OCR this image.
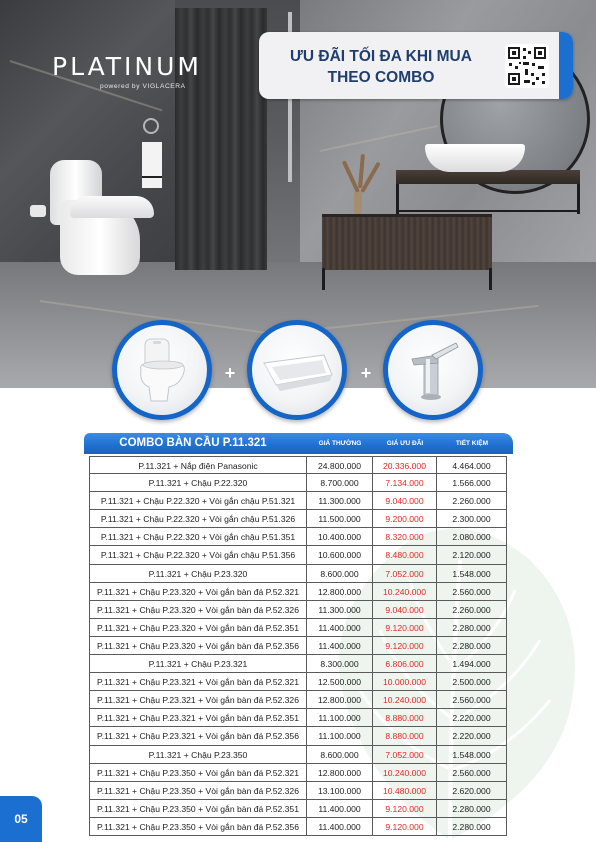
PLATINUM
powered by VIGLACERA
ƯU ĐÃI TỐI ĐA KHI MUA
THEO COMBO
+	+
COMBO BÀN CẦU P.11.321	GIÁ THƯỜNG	GIÁ ƯU ĐÃI	TIẾT KIỆM
P.11.321 + Nắp điện Panasonic	24.800.000	20.336.000	4.464.000
P.11.321 + Chậu P.22.320	8.700.000	7.134.000	1.566.000
P.11.321 + Chậu P.22.320 + Vòi gắn chậu P.51.321	11.300.000	9.040.000	2.260.000
P.11.321 + Chậu P.22.320 + Vòi gắn chậu P.51.326	11.500.000	9.200.000	2.300.000
P.11.321 + Chậu P.22.320 + Vòi gắn chậu P.51.351	10.400.000	8.320.000	2.080.000
P.11.321 + Chậu P.22.320 + Vòi gắn chậu P.51.356	10.600.000	8.480.000	2.120.000
P.11.321 + Chậu P.23.320	8.600.000	7.052.000	1.548.000
P.11.321 + Chậu P.23.320 + Vòi gắn bàn đá P.52.321	12.800.000	10.240.000	2.560.000
P.11.321 + Chậu P.23.320 + Vòi gắn bàn đá P.52.326	11.300.000	9.040.000	2.260.000
P.11.321 + Chậu P.23.320 + Vòi gắn bàn đá P.52.351	11.400.000	9.120.000	2.280.000
P.11.321 + Chậu P.23.320 + Vòi gắn bàn đá P.52.356	11.400.000	9.120.000	2.280.000
P.11.321 + Chậu P.23.321	8.300.000	6.806.000	1.494.000
P.11.321 + Chậu P.23.321 + Vòi gắn bàn đá P.52.321	12.500.000	10.000.000	2.500.000
P.11.321 + Chậu P.23.321 + Vòi gắn bàn đá P.52.326	12.800.000	10.240.000	2.560.000
P.11.321 + Chậu P.23.321 + Vòi gắn bàn đá P.52.351	11.100.000	8.880.000	2.220.000
P.11.321 + Chậu P.23.321 + Vòi gắn bàn đá P.52.356	11.100.000	8.880.000	2.220.000
P.11.321 + Chậu P.23.350	8.600.000	7.052.000	1.548.000
P.11.321 + Chậu P.23.350 + Vòi gắn bàn đá P.52.321	12.800.000	10.240.000	2.560.000
P.11.321 + Chậu P.23.350 + Vòi gắn bàn đá P.52.326	13.100.000	10.480.000	2.620.000
P.11.321 + Chậu P.23.350 + Vòi gắn bàn đá P.52.351	11.400.000	9.120.000	2.280.000
P.11.321 + Chậu P.23.350 + Vòi gắn bàn đá P.52.356	11.400.000	9.120.000	2.280.000
05
